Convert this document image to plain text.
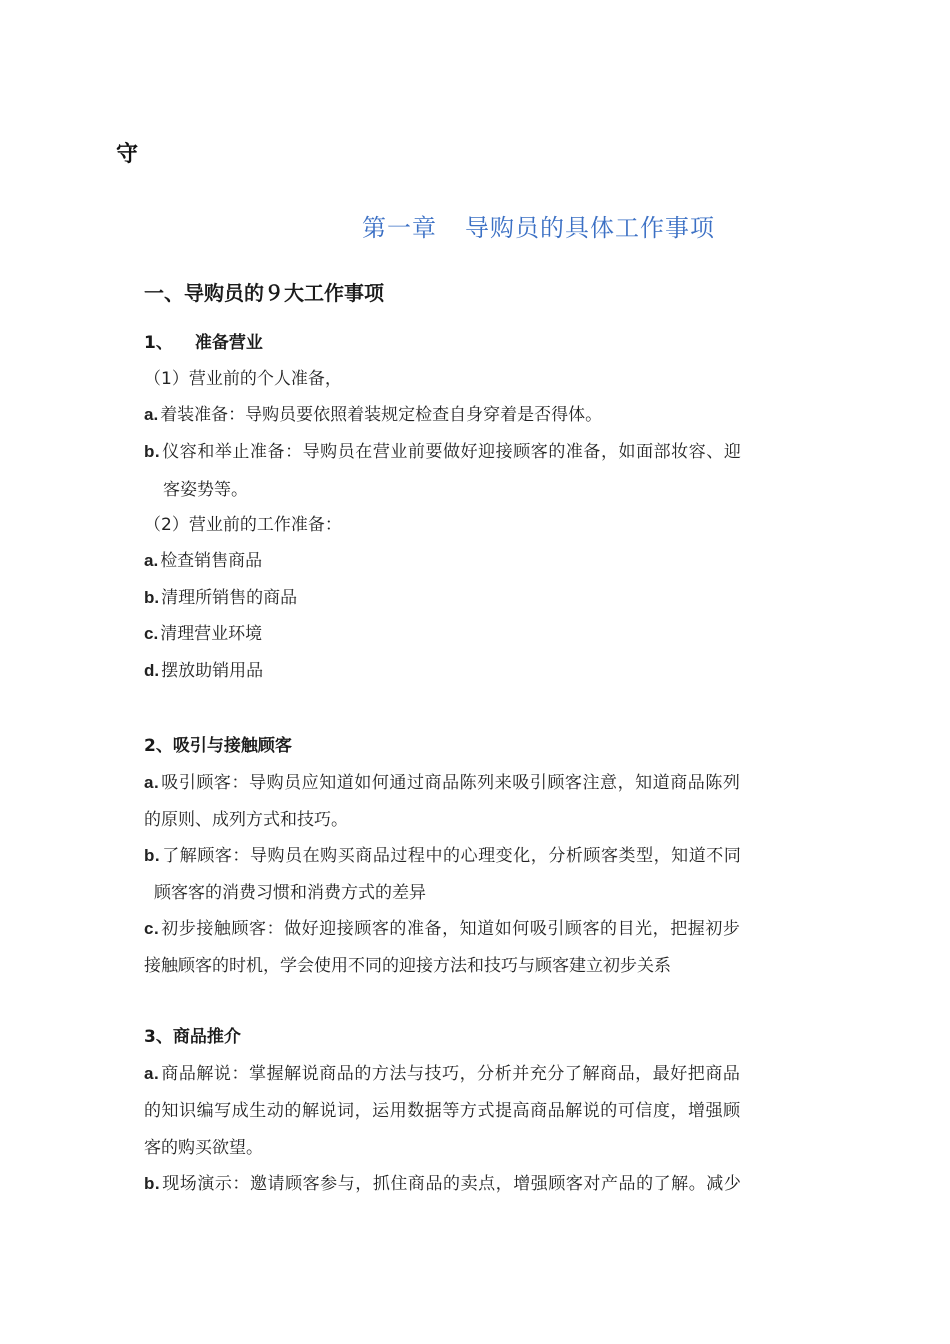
守
第一章 导购员的具体工作事项
一、导购员的９大工作事项
1、 准备营业
（1）营业前的个人准备，
a. 着装准备：导购员要依照着装规定检查自身穿着是否得体。
b. 仪容和举止准备：导购员在营业前要做好迎接顾客的准备，如面部妆容、迎
客姿势等。
（2）营业前的工作准备：
a. 检查销售商品
b. 清理所销售的商品
c. 清理营业环境
d. 摆放助销用品
2、吸引与接触顾客
a. 吸引顾客：导购员应知道如何通过商品陈列来吸引顾客注意，知道商品陈列
的原则、成列方式和技巧。
b. 了解顾客：导购员在购买商品过程中的心理变化，分析顾客类型，知道不同
顾客客的消费习惯和消费方式的差异
c. 初步接触顾客：做好迎接顾客的准备，知道如何吸引顾客的目光，把握初步
接触顾客的时机，学会使用不同的迎接方法和技巧与顾客建立初步关系
3、商品推介
a. 商品解说：掌握解说商品的方法与技巧，分析并充分了解商品，最好把商品
的知识编写成生动的解说词，运用数据等方式提高商品解说的可信度，增强顾
客的购买欲望。
b. 现场演示：邀请顾客参与，抓住商品的卖点，增强顾客对产品的了解。减少
